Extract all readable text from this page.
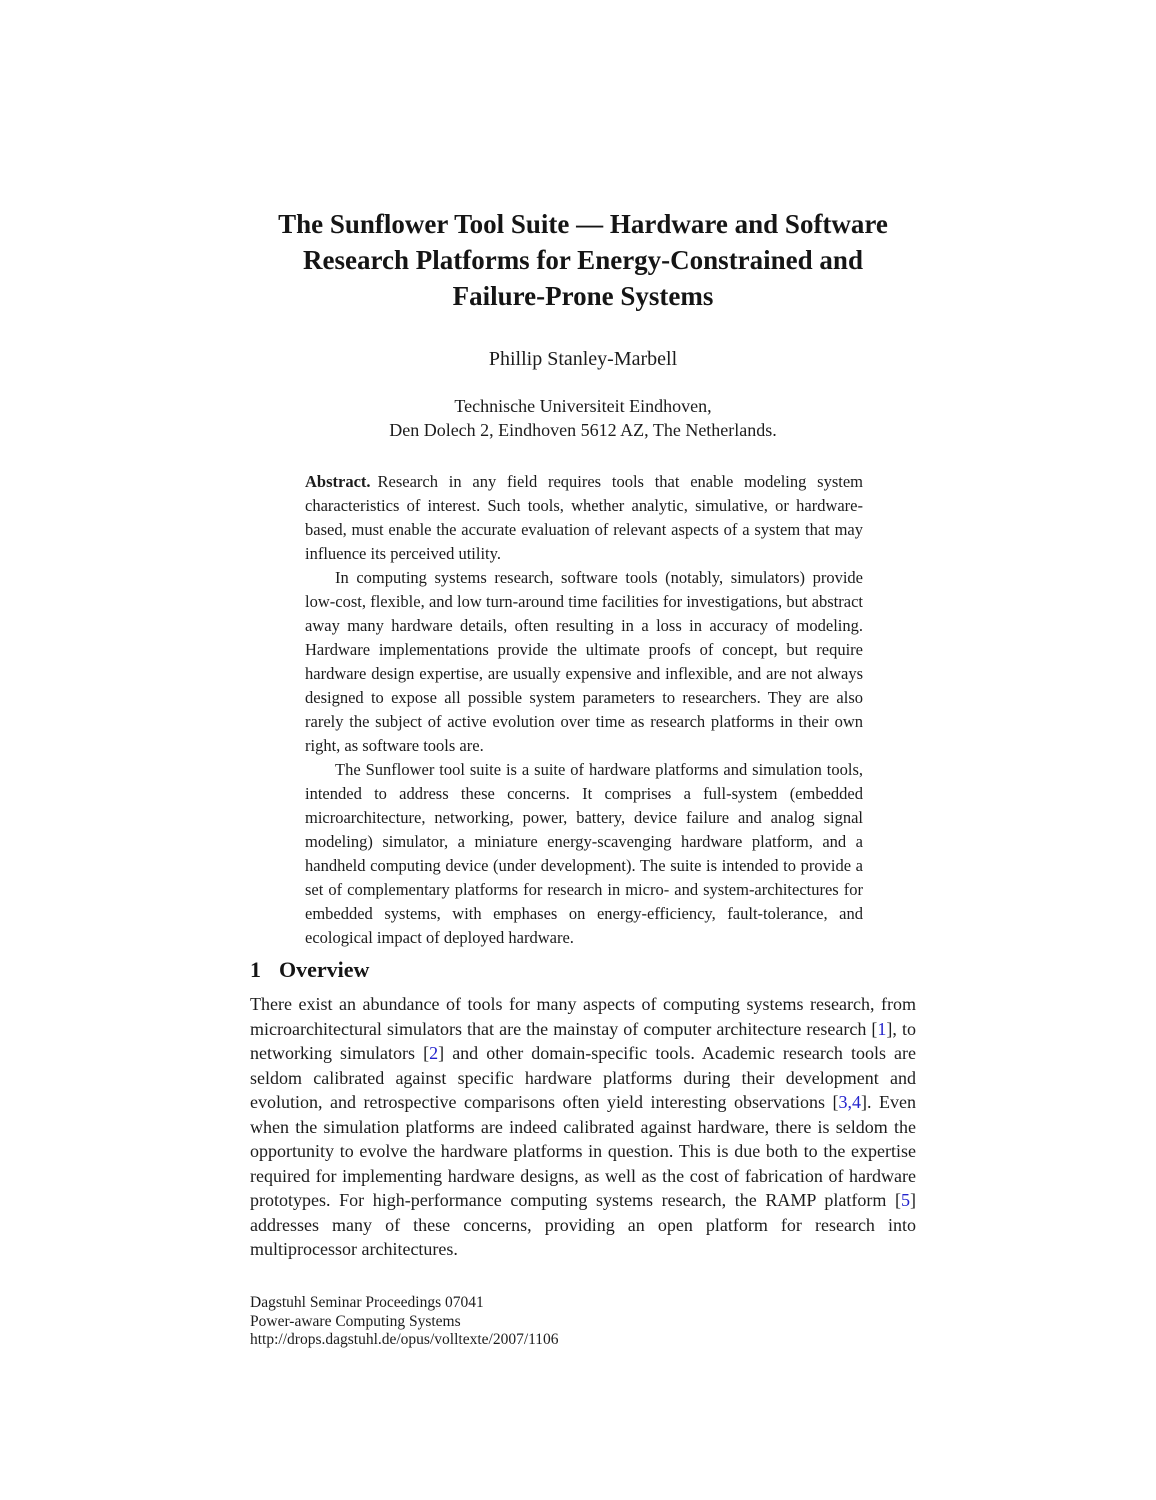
The Sunflower Tool Suite — Hardware and Software
Research Platforms for Energy-Constrained and
Failure-Prone Systems
Phillip Stanley-Marbell
Technische Universiteit Eindhoven,
Den Dolech 2, Eindhoven 5612 AZ, The Netherlands.

Abstract. Research in any field requires tools that enable modeling system characteristics of interest. Such tools, whether analytic, simulative, or hardware-based, must enable the accurate evaluation of relevant aspects of a system that may influence its perceived utility.

In computing systems research, software tools (notably, simulators) provide low-cost, flexible, and low turn-around time facilities for investigations, but abstract away many hardware details, often resulting in a loss in accuracy of modeling. Hardware implementations provide the ultimate proofs of concept, but require hardware design expertise, are usually expensive and inflexible, and are not always designed to expose all possible system parameters to researchers. They are also rarely the subject of active evolution over time as research platforms in their own right, as software tools are.

The Sunflower tool suite is a suite of hardware platforms and simulation tools, intended to address these concerns. It comprises a full-system (embedded microarchitecture, networking, power, battery, device failure and analog signal modeling) simulator, a miniature energy-scavenging hardware platform, and a handheld computing device (under development). The suite is intended to provide a set of complementary platforms for research in micro- and system-architectures for embedded systems, with emphases on energy-efficiency, fault-tolerance, and ecological impact of deployed hardware.

1 Overview

There exist an abundance of tools for many aspects of computing systems research, from microarchitectural simulators that are the mainstay of computer architecture research [1], to networking simulators [2] and other domain-specific tools. Academic research tools are seldom calibrated against specific hardware platforms during their development and evolution, and retrospective comparisons often yield interesting observations [3,4]. Even when the simulation platforms are indeed calibrated against hardware, there is seldom the opportunity to evolve the hardware platforms in question. This is due both to the expertise required for implementing hardware designs, as well as the cost of fabrication of hardware prototypes. For high-performance computing systems research, the RAMP platform [5] addresses many of these concerns, providing an open platform for research into multiprocessor architectures.

Dagstuhl Seminar Proceedings 07041
Power-aware Computing Systems
http://drops.dagstuhl.de/opus/volltexte/2007/1106
